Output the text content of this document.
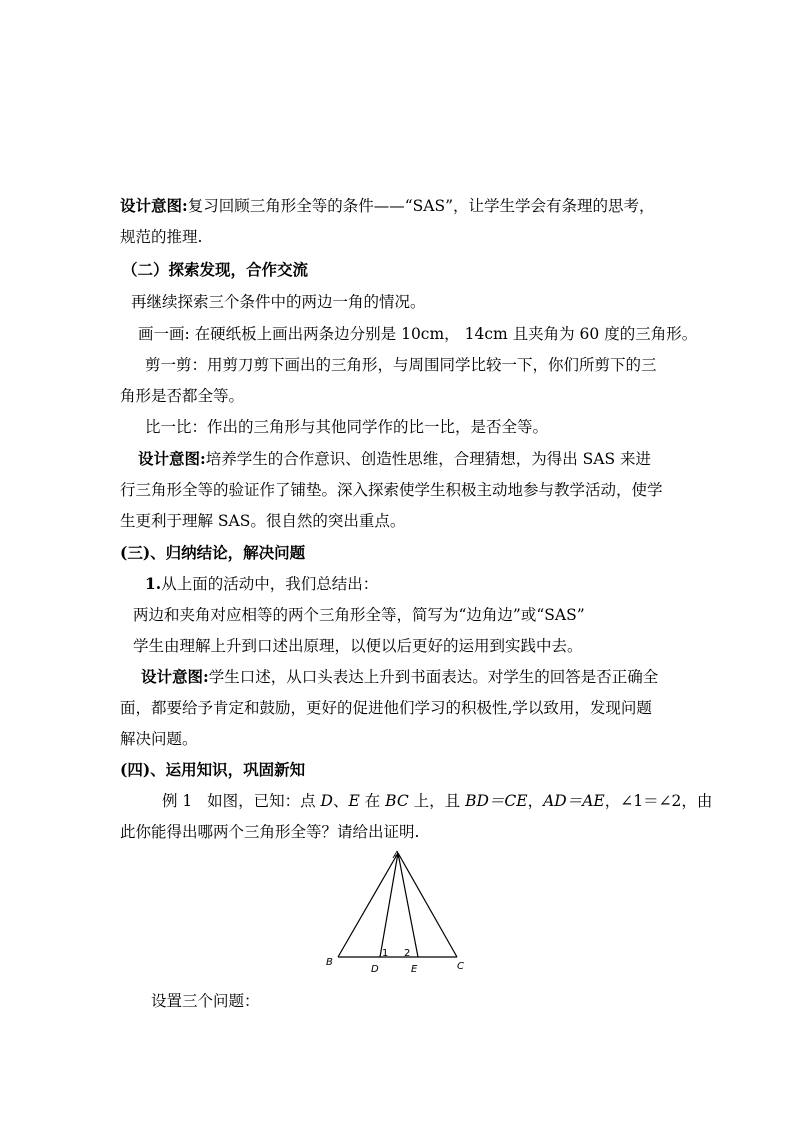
设计意图:复习回顾三角形全等的条件——“SAS”，让学生学会有条理的思考，
规范的推理.
（二）探索发现，合作交流
再继续探索三个条件中的两边一角的情况。
画一画: 在硬纸板上画出两条边分别是 10cm， 14cm 且夹角为 60 度的三角形。
剪一剪：用剪刀剪下画出的三角形，与周围同学比较一下，你们所剪下的三
角形是否都全等。
比一比：作出的三角形与其他同学作的比一比，是否全等。
设计意图:培养学生的合作意识、创造性思维，合理猜想，为得出 SAS 来进
行三角形全等的验证作了铺垫。深入探索使学生积极主动地参与教学活动，使学
生更利于理解 SAS。很自然的突出重点。
(三)、归纳结论，解决问题
1.从上面的活动中，我们总结出：
两边和夹角对应相等的两个三角形全等，简写为“边角边”或“SAS”
学生由理解上升到口述出原理，以便以后更好的运用到实践中去。
设计意图:学生口述，从口头表达上升到书面表达。对学生的回答是否正确全
面，都要给予肯定和鼓励，更好的促进他们学习的积极性,学以致用，发现问题
解决问题。
(四)、运用知识，巩固新知
例 1 如图，已知：点 D、E 在 BC 上，且 BD＝CE，AD＝AE，∠1＝∠2，由
此你能得出哪两个三角形全等？请给出证明.
A
B	C
D	E
1 2
设置三个问题：
